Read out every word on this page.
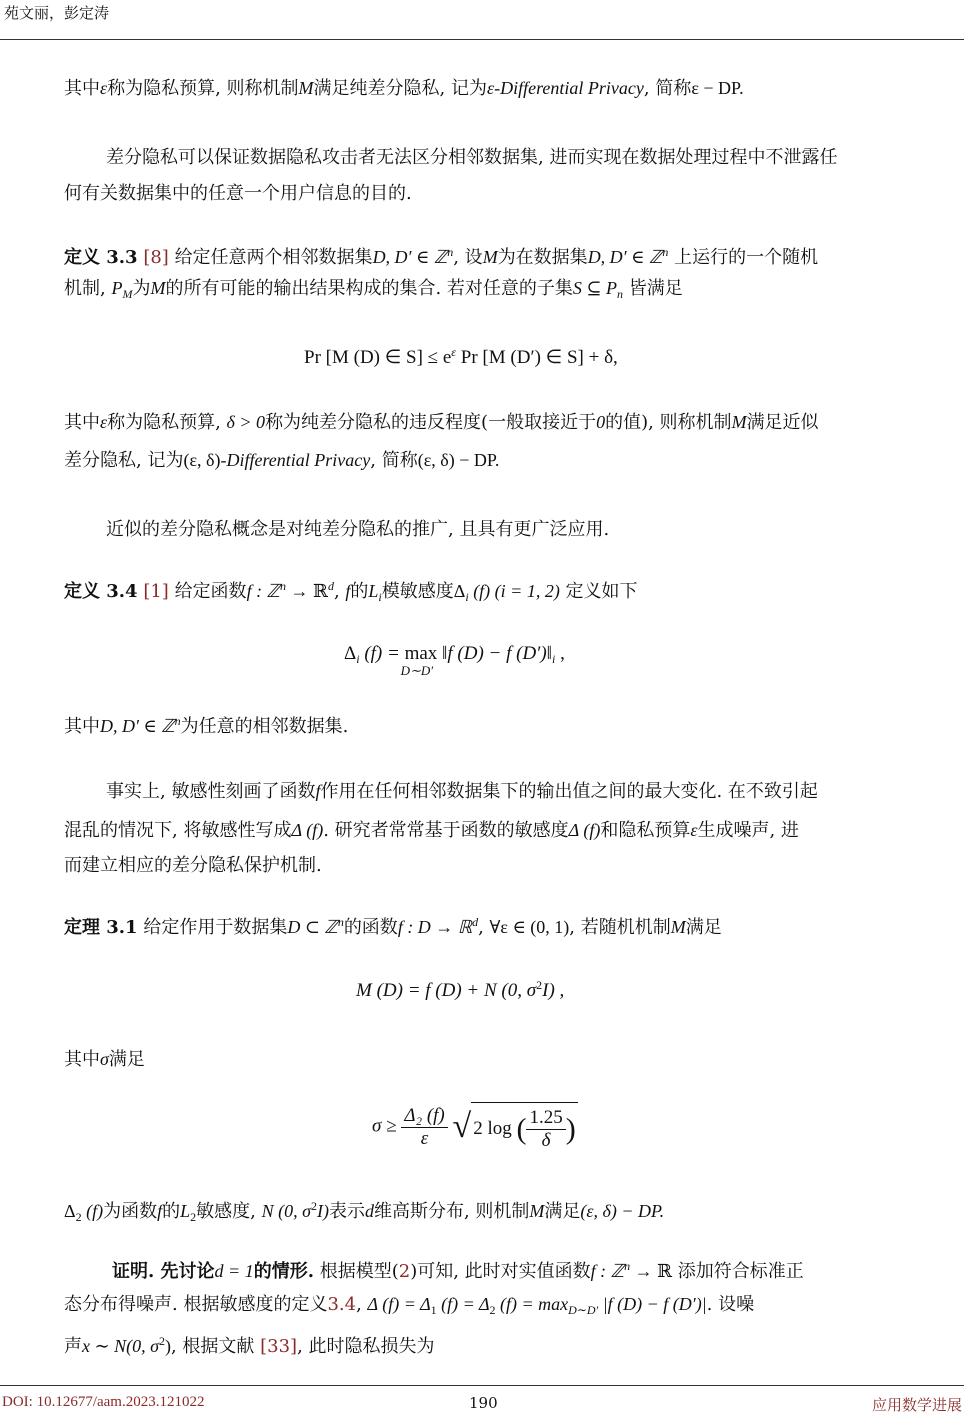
苑文丽，彭定涛
其中ε称为隐私预算, 则称机制M满足纯差分隐私, 记为ε-Differential Privacy, 简称ε − DP.
差分隐私可以保证数据隐私攻击者无法区分相邻数据集, 进而实现在数据处理过程中不泄露任
何有关数据集中的任意一个用户信息的目的.
定义 3.3 [8] 给定任意两个相邻数据集D, D′ ∈ ℤ$^n$, 设M为在数据集D, D′ ∈ ℤ$^n$ 上运行的一个随机
机制, $P_M$为M的所有可能的输出结果构成的集合. 若对任意的子集S ⊆ $P_n$ 皆满足
Pr [M (D) ∈ $S] \le e^\varepsilon$ Pr [M (D′) ∈ S] + δ,
其中ε称为隐私预算, δ > 0称为纯差分隐私的违反程度(一般取接近于0的值), 则称机制M满足近似
差分隐私, 记为(ε, δ)-Differential Privacy, 简称(ε, δ) − DP.
近似的差分隐私概念是对纯差分隐私的推广, 且具有更广泛应用.
定义 3.4 [1] 给定函数f : ℤ$^n$ → ℝ$^d$, f的$L_i$模敏感度$\Delta_i$ (f) (i = 1, 2) 定义如下
$\Delta_i$ (f) = max
D∼D′
‖f (D) − f $(D')‖_i$ ,
其中D, D′ ∈ ℤ$^n$为任意的相邻数据集.
事实上, 敏感性刻画了函数f作用在任何相邻数据集下的输出值之间的最大变化. 在不致引起
混乱的情况下, 将敏感性写成Δ (f). 研究者常常基于函数的敏感度Δ (f)和隐私预算ε生成噪声, 进
而建立相应的差分隐私保护机制.
定理 3.1 给定作用于数据集D ⊂ ℤ$^n$的函数f : D → ℝ$^d$, ∀ε ∈ (0, 1), 若随机机制M满足
M (D) = f (D) + N (0, $\sigma^2I$) ,
其中σ满足
$\sigma \ge \frac{\text{Δ₂ (f)}}{\varepsilon}$ √ 2 log ( $\frac{1.25}{\delta}$ )
$\Delta_2$ (f)为函数f的$L_2$敏感度, N (0, $\sigma^2I$)表示d维高斯分布, 则机制M满足(ε, δ) − DP.
证明. 先讨论d = 1的情形. 根据模型(2)可知, 此时对实值函数f : ℤ$^n$ → ℝ 添加符合标准正
态分布得噪声. 根据敏感度的定义3.4, Δ $(f) = \Delta_1$ $(f) = \Delta_2$ $(f) = \max_{D\sim D'} |f$ (D) − f (D′)|. 设噪
声x ∼ N(0, $\sigma^2$), 根据文献 [33], 此时隐私损失为
DOI: 10.12677/aam.2023.121022	190	应用数学进展
